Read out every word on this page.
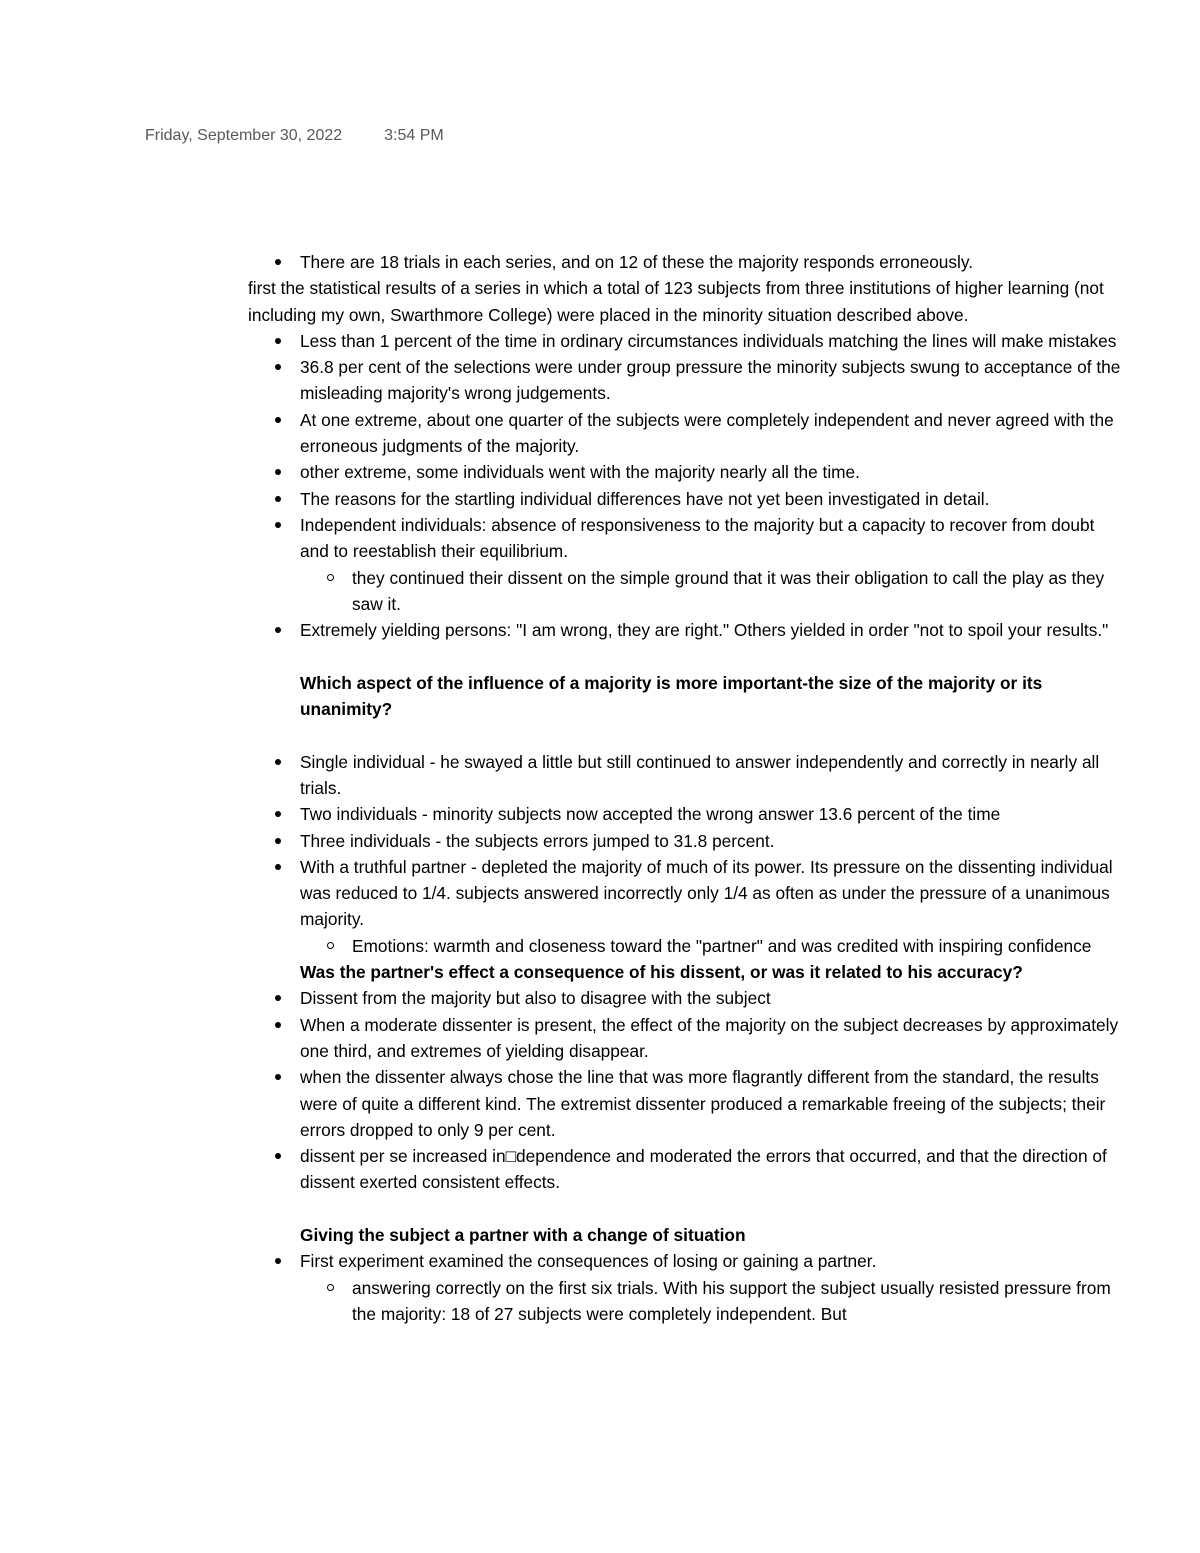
Friday, September 30, 2022	3:54 PM

There are 18 trials in each series, and on 12 of these the majority responds erroneously.

first the statistical results of a series in which a total of 123 subjects from three institutions of higher learning (not including my own, Swarthmore College) were placed in the minority situation described above.

Less than 1 percent of the time in ordinary circumstances individuals matching the lines will make mistakes

36.8 per cent of the selections were under group pressure the minority subjects swung to acceptance of the misleading majority's wrong judgements.

At one extreme, about one quarter of the subjects were completely independent and never agreed with the erroneous judgments of the majority.

other extreme, some individuals went with the majority nearly all the time.

The reasons for the startling individual differences have not yet been investigated in detail.

Independent individuals: absence of responsiveness to the majority but a capacity to recover from doubt and to reestablish their equilibrium.

they continued their dissent on the simple ground that it was their obligation to call the play as they saw it.

Extremely yielding persons: "I am wrong, they are right." Others yielded in order "not to spoil your results."

Which aspect of the influence of a majority is more important-the size of the majority or its unanimity?

Single individual - he swayed a little but still continued to answer independently and correctly in nearly all trials.

Two individuals - minority subjects now accepted the wrong answer 13.6 percent of the time

Three individuals - the subjects errors jumped to 31.8 percent.

With a truthful partner - depleted the majority of much of its power. Its pressure on the dissenting individual was reduced to 1/4. subjects answered incorrectly only 1/4 as often as under the pressure of a unanimous majority.

Emotions: warmth and closeness toward the "partner" and was credited with inspiring confidence

Was the partner's effect a consequence of his dissent, or was it related to his accuracy?

Dissent from the majority but also to disagree with the subject

When a moderate dissenter is present, the effect of the majority on the subject decreases by approximately one third, and extremes of yielding disappear.

when the dissenter always chose the line that was more flagrantly different from the standard, the results were of quite a different kind. The extremist dissenter produced a remarkable freeing of the subjects; their errors dropped to only 9 per cent.

dissent per se increased in□dependence and moderated the errors that occurred, and that the direction of dissent exerted consistent effects.

Giving the subject a partner with a change of situation

First experiment examined the consequences of losing or gaining a partner.

answering correctly on the first six trials. With his support the subject usually resisted pressure from the majority: 18 of 27 subjects were completely independent. But
